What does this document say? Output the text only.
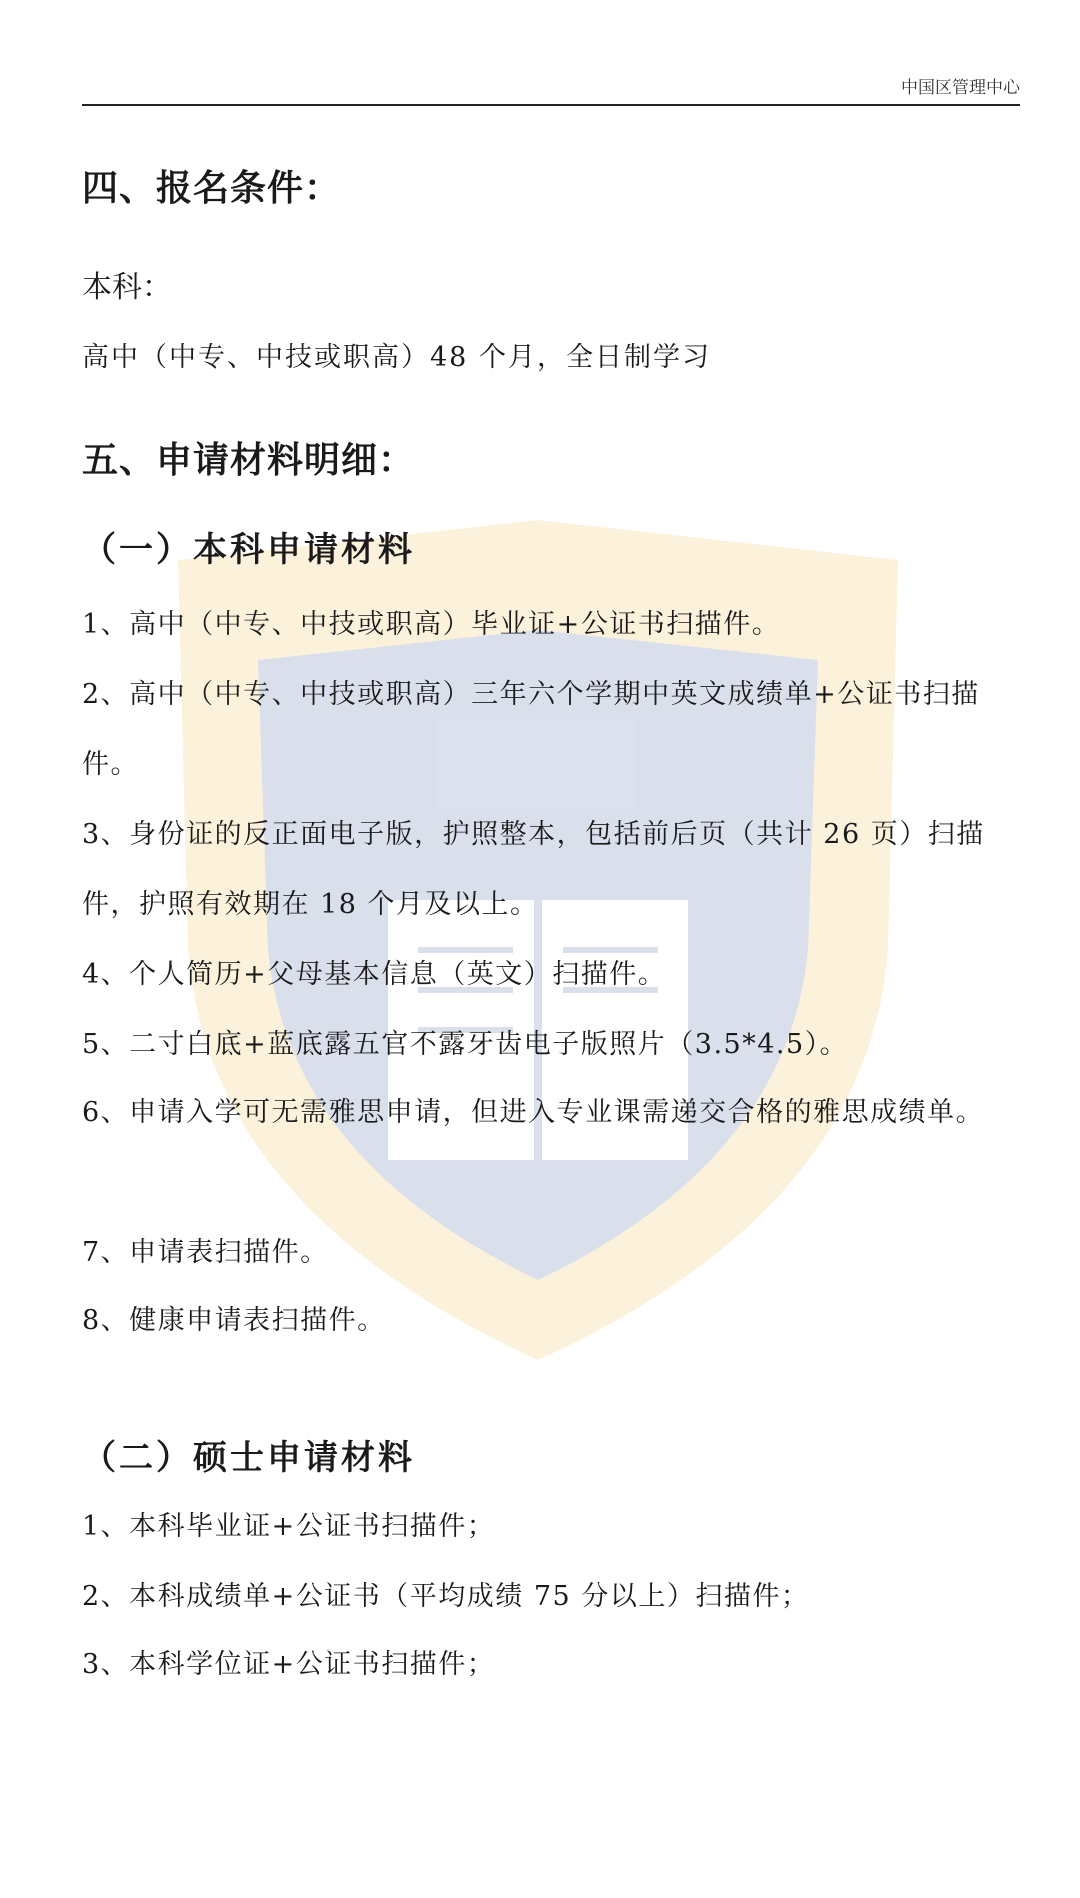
中国区管理中心
四、报名条件：
本科：
高中（中专、中技或职高）48 个月，全日制学习
五、申请材料明细：
（一）本科申请材料
1、高中（中专、中技或职高）毕业证+公证书扫描件。
2、高中（中专、中技或职高）三年六个学期中英文成绩单+公证书扫描件。
3、身份证的反正面电子版，护照整本，包括前后页（共计 26 页）扫描件，护照有效期在 18 个月及以上。
4、个人简历+父母基本信息（英文）扫描件。
5、二寸白底+蓝底露五官不露牙齿电子版照片（3.5*4.5）。
6、申请入学可无需雅思申请，但进入专业课需递交合格的雅思成绩单。
7、申请表扫描件。
8、健康申请表扫描件。
（二）硕士申请材料
1、本科毕业证+公证书扫描件；
2、本科成绩单+公证书（平均成绩 75 分以上）扫描件；
3、本科学位证+公证书扫描件；
